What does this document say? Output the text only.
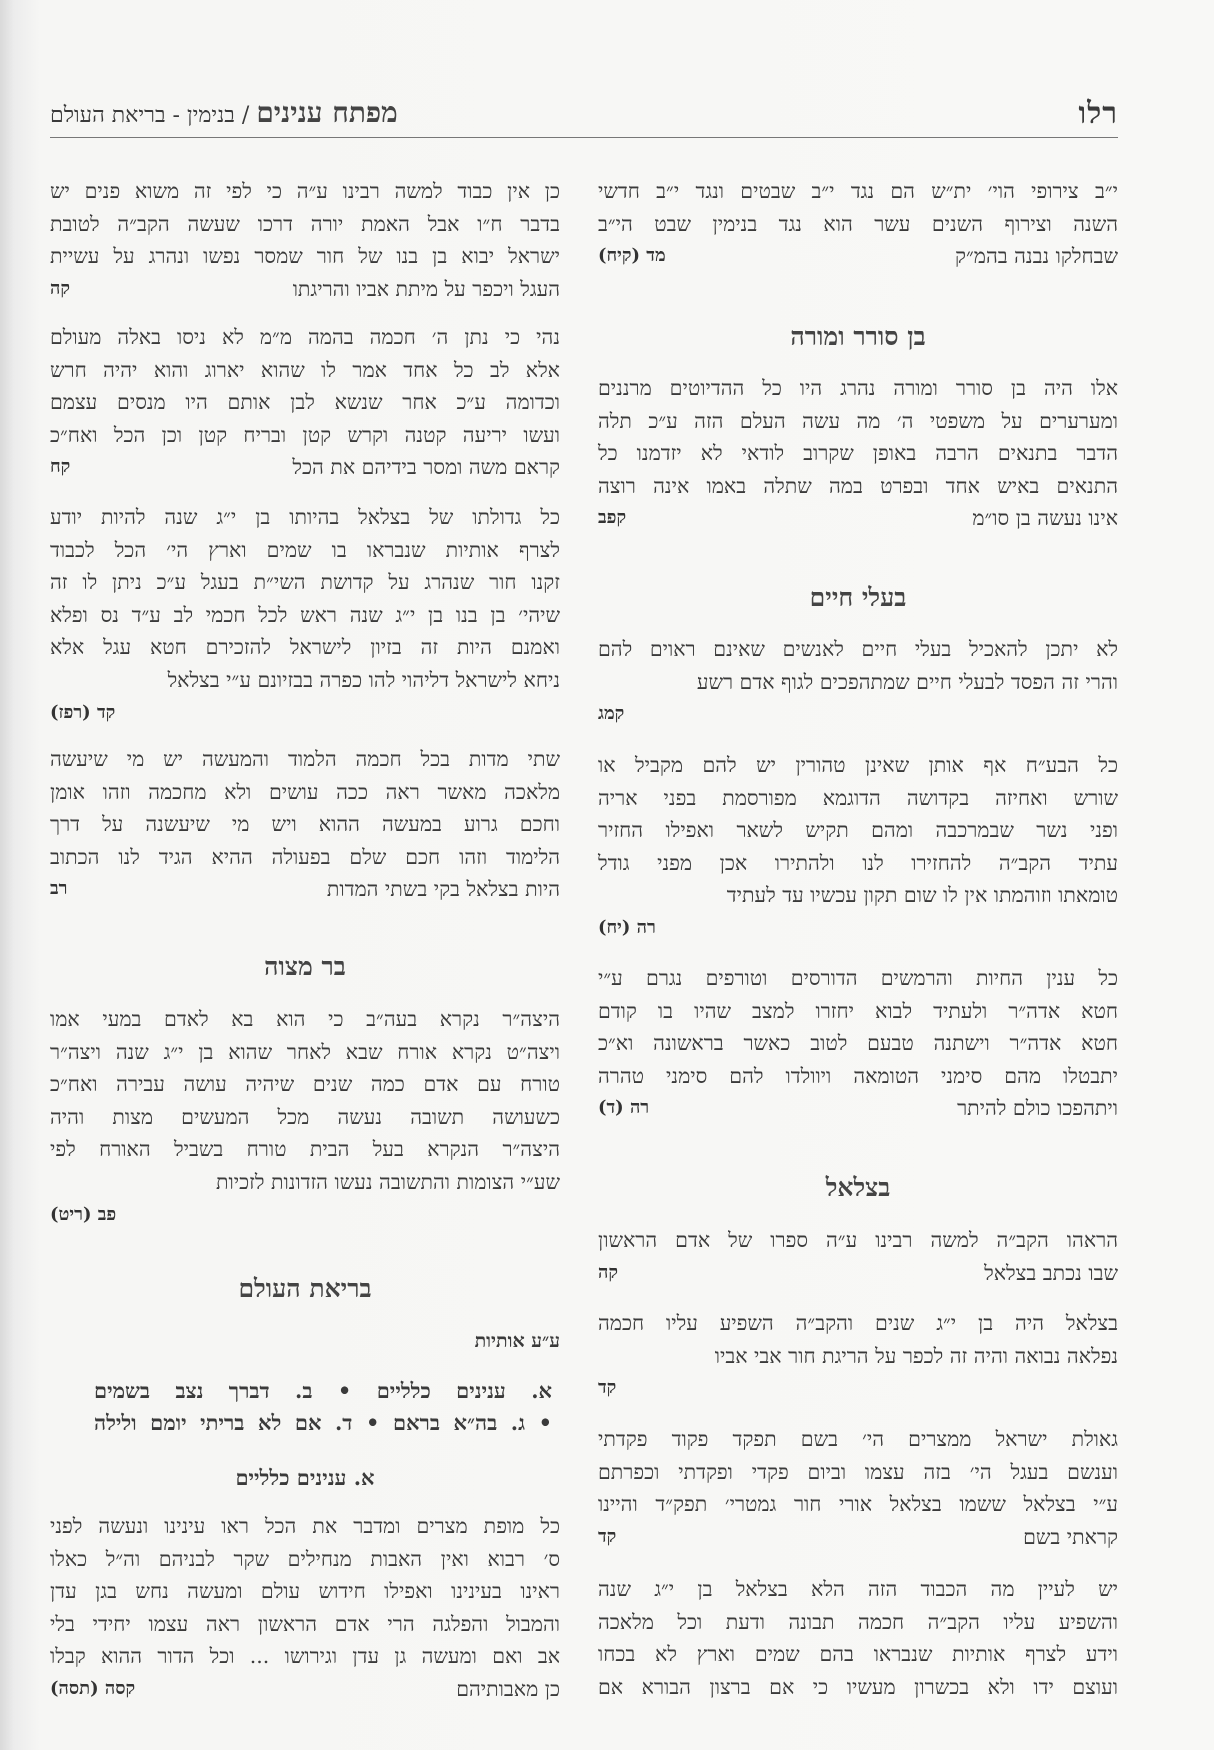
רלו
מפתח ענינים / בנימין - בריאת העולם
י״ב צירופי הוי׳ ית״ש הם נגד י״ב שבטים ונגד י״ב חדשי
השנה וצירוף השנים עשר הוא נגד בנימין שבט הי״ב
שבחלקו נבנה בהמ״ק
מד (קיח)
בן סורר ומורה
אלו היה בן סורר ומורה נהרג היו כל ההדיוטים מרננים
ומערערים על משפטי ה׳ מה עשה העלם הזה ע״כ תלה
הדבר בתנאים הרבה באופן שקרוב לודאי לא יזדמנו כל
התנאים באיש אחד ובפרט במה שתלה באמו אינה רוצה
אינו נעשה בן סו״מ
קפב
בעלי חיים
לא יתכן להאכיל בעלי חיים לאנשים שאינם ראוים להם
והרי זה הפסד לבעלי חיים שמתהפכים לגוף אדם רשע
קמג
כל הבע״ח אף אותן שאינן טהורין יש להם מקביל או
שורש ואחיזה בקדושה הדוגמא מפורסמת בפני אריה
ופני נשר שבמרכבה ומהם תקיש לשאר ואפילו החזיר
עתיד הקב״ה להחזירו לנו ולהתירו אכן מפני גודל
טומאתו וזוהמתו אין לו שום תקון עכשיו עד לעתיד
רה (יח)
כל ענין החיות והרמשים הדורסים וטורפים נגרם ע״י
חטא אדה״ר ולעתיד לבוא יחזרו למצב שהיו בו קודם
חטא אדה״ר וישתנה טבעם לטוב כאשר בראשונה וא״כ
יתבטלו מהם סימני הטומאה ויוולדו להם סימני טהרה
ויתהפכו כולם להיתר
רה (ד)
בצלאל
הראהו הקב״ה למשה רבינו ע״ה ספרו של אדם הראשון
שבו נכתב בצלאל
קה
בצלאל היה בן י״ג שנים והקב״ה השפיע עליו חכמה
נפלאה נבואה והיה זה לכפר על הריגת חור אבי אביו
קד
גאולת ישראל ממצרים הי׳ בשם תפקד פקוד פקדתי
וענשם בעגל הי׳ בזה עצמו וביום פקדי ופקדתי וכפרתם
ע״י בצלאל ששמו בצלאל אורי חור גמטרי׳ תפק״ד והיינו
קראתי בשם
קד
יש לעיין מה הכבוד הזה הלא בצלאל בן י״ג שנה
והשפיע עליו הקב״ה חכמה תבונה ודעת וכל מלאכה
וידע לצרף אותיות שנבראו בהם שמים וארץ לא בכחו
ועוצם ידו ולא בכשרון מעשיו כי אם ברצון הבורא אם
כן אין כבוד למשה רבינו ע״ה כי לפי זה משוא פנים יש
בדבר ח״ו אבל האמת יורה דרכו שעשה הקב״ה לטובת
ישראל יבוא בן בנו של חור שמסר נפשו ונהרג על עשיית
העגל ויכפר על מיתת אביו והריגתו
קה
נהי כי נתן ה׳ חכמה בהמה מ״מ לא ניסו באלה מעולם
אלא לב כל אחד אמר לו שהוא יארוג והוא יהיה חרש
וכדומה ע״כ אחר שנשא לבן אותם היו מנסים עצמם
ועשו יריעה קטנה וקרש קטן ובריח קטן וכן הכל ואח״כ
קראם משה ומסר בידיהם את הכל
קח
כל גדולתו של בצלאל בהיותו בן י״ג שנה להיות יודע
לצרף אותיות שנבראו בו שמים וארץ הי׳ הכל לכבוד
זקנו חור שנהרג על קדושת השי״ת בעגל ע״כ ניתן לו זה
שיהי׳ בן בנו בן י״ג שנה ראש לכל חכמי לב ע״ד נס ופלא
ואמנם היות זה בזיון לישראל להזכירם חטא עגל אלא
ניחא לישראל דליהוי להו כפרה בבזיונם ע״י בצלאל
קד (רפז)
שתי מדות בכל חכמה הלמוד והמעשה יש מי שיעשה
מלאכה מאשר ראה ככה עושים ולא מחכמה וזהו אומן
וחכם גרוע במעשה ההוא ויש מי שיעשנה על דרך
הלימוד וזהו חכם שלם בפעולה ההיא הגיד לנו הכתוב
היות בצלאל בקי בשתי המדות
רב
בר מצוה
היצה״ר נקרא בעה״ב כי הוא בא לאדם במעי אמו
ויצה״ט נקרא אורח שבא לאחר שהוא בן י״ג שנה ויצה״ר
טורח עם אדם כמה שנים שיהיה עושה עבירה ואח״כ
כשעושה תשובה נעשה מכל המעשים מצות והיה
היצה״ר הנקרא בעל הבית טורח בשביל האורח לפי
שע״י הצומות והתשובה נעשו הזדונות לזכיות
פב (ריט)
בריאת העולם
ע״ע אותיות
א. ענינים כלליים • ב. דברך נצב בשמים
• ג. בה״א בראם • ד. אם לא בריתי יומם ולילה
א. ענינים כלליים
כל מופת מצרים ומדבר את הכל ראו עינינו ונעשה לפני
ס׳ רבוא ואין האבות מנחילים שקר לבניהם וה״ל כאלו
ראינו בעינינו ואפילו חידוש עולם ומעשה נחש בגן עדן
והמבול והפלגה הרי אדם הראשון ראה עצמו יחידי בלי
אב ואם ומעשה גן עדן וגירושו ... וכל הדור ההוא קבלו
כן מאבותיהם
קסה (תסה)
